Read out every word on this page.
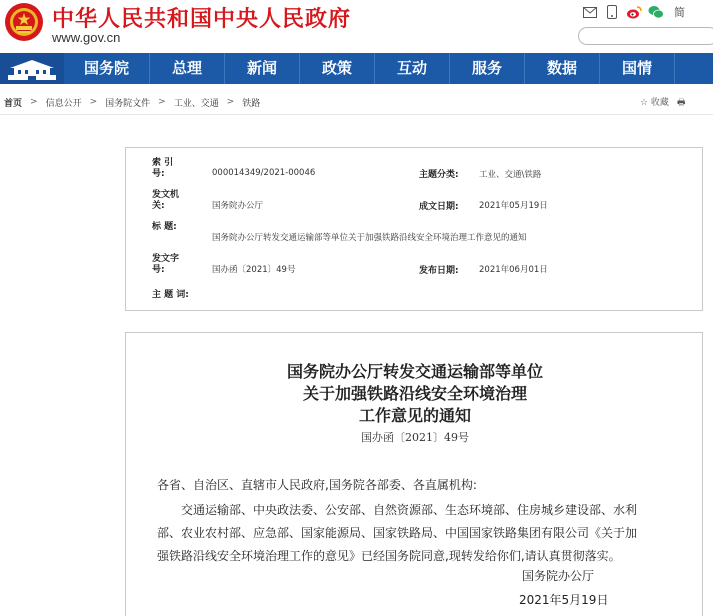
中华人民共和国中央人民政府
www.gov.cn
简
国务院	总理	新闻	政策	互动	服务	数据	国情
首页 > 信息公开 > 国务院文件 > 工业、交通 > 铁路	☆ 收藏 🖶
索 引 号:	000014349/2021-00046	主题分类: 工业、交通\铁路
发文机关:	国务院办公厅	成文日期: 2021年05月19日
标 题:
国务院办公厅转发交通运输部等单位关于加强铁路沿线安全环境治理工作意见的通知
发文字号:	国办函〔2021〕49号	发布日期: 2021年06月01日
主 题 词:
国务院办公厅转发交通运输部等单位
关于加强铁路沿线安全环境治理
工作意见的通知
国办函〔2021〕49号
各省、自治区、直辖市人民政府,国务院各部委、各直属机构:
交通运输部、中央政法委、公安部、自然资源部、生态环境部、住房城乡建设部、水利
部、农业农村部、应急部、国家能源局、国家铁路局、中国国家铁路集团有限公司《关于加
强铁路沿线安全环境治理工作的意见》已经国务院同意,现转发给你们,请认真贯彻落实。
国务院办公厅
2021年5月19日
